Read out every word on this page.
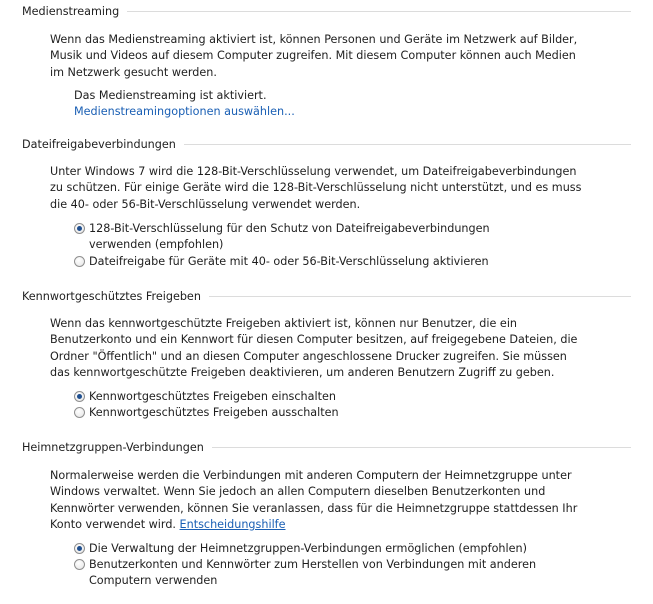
Medienstreaming
Wenn das Medienstreaming aktiviert ist, können Personen und Geräte im Netzwerk auf Bilder, Musik und Videos auf diesem Computer zugreifen. Mit diesem Computer können auch Medien im Netzwerk gesucht werden.
Das Medienstreaming ist aktiviert.
Medienstreamingoptionen auswählen...
Dateifreigabeverbindungen
Unter Windows 7 wird die 128-Bit-Verschlüsselung verwendet, um Dateifreigabeverbindungen zu schützen. Für einige Geräte wird die 128-Bit-Verschlüsselung nicht unterstützt, und es muss die 40- oder 56-Bit-Verschlüsselung verwendet werden.
128-Bit-Verschlüsselung für den Schutz von Dateifreigabeverbindungen verwenden (empfohlen)
Dateifreigabe für Geräte mit 40- oder 56-Bit-Verschlüsselung aktivieren
Kennwortgeschütztes Freigeben
Wenn das kennwortgeschützte Freigeben aktiviert ist, können nur Benutzer, die ein Benutzerkonto und ein Kennwort für diesen Computer besitzen, auf freigegebene Dateien, die Ordner "Öffentlich" und an diesen Computer angeschlossene Drucker zugreifen. Sie müssen das kennwortgeschützte Freigeben deaktivieren, um anderen Benutzern Zugriff zu geben.
Kennwortgeschütztes Freigeben einschalten
Kennwortgeschütztes Freigeben ausschalten
Heimnetzgruppen-Verbindungen
Normalerweise werden die Verbindungen mit anderen Computern der Heimnetzgruppe unter Windows verwaltet. Wenn Sie jedoch an allen Computern dieselben Benutzerkonten und Kennwörter verwenden, können Sie veranlassen, dass für die Heimnetzgruppe stattdessen Ihr Konto verwendet wird. Entscheidungshilfe
Die Verwaltung der Heimnetzgruppen-Verbindungen ermöglichen (empfohlen)
Benutzerkonten und Kennwörter zum Herstellen von Verbindungen mit anderen Computern verwenden
